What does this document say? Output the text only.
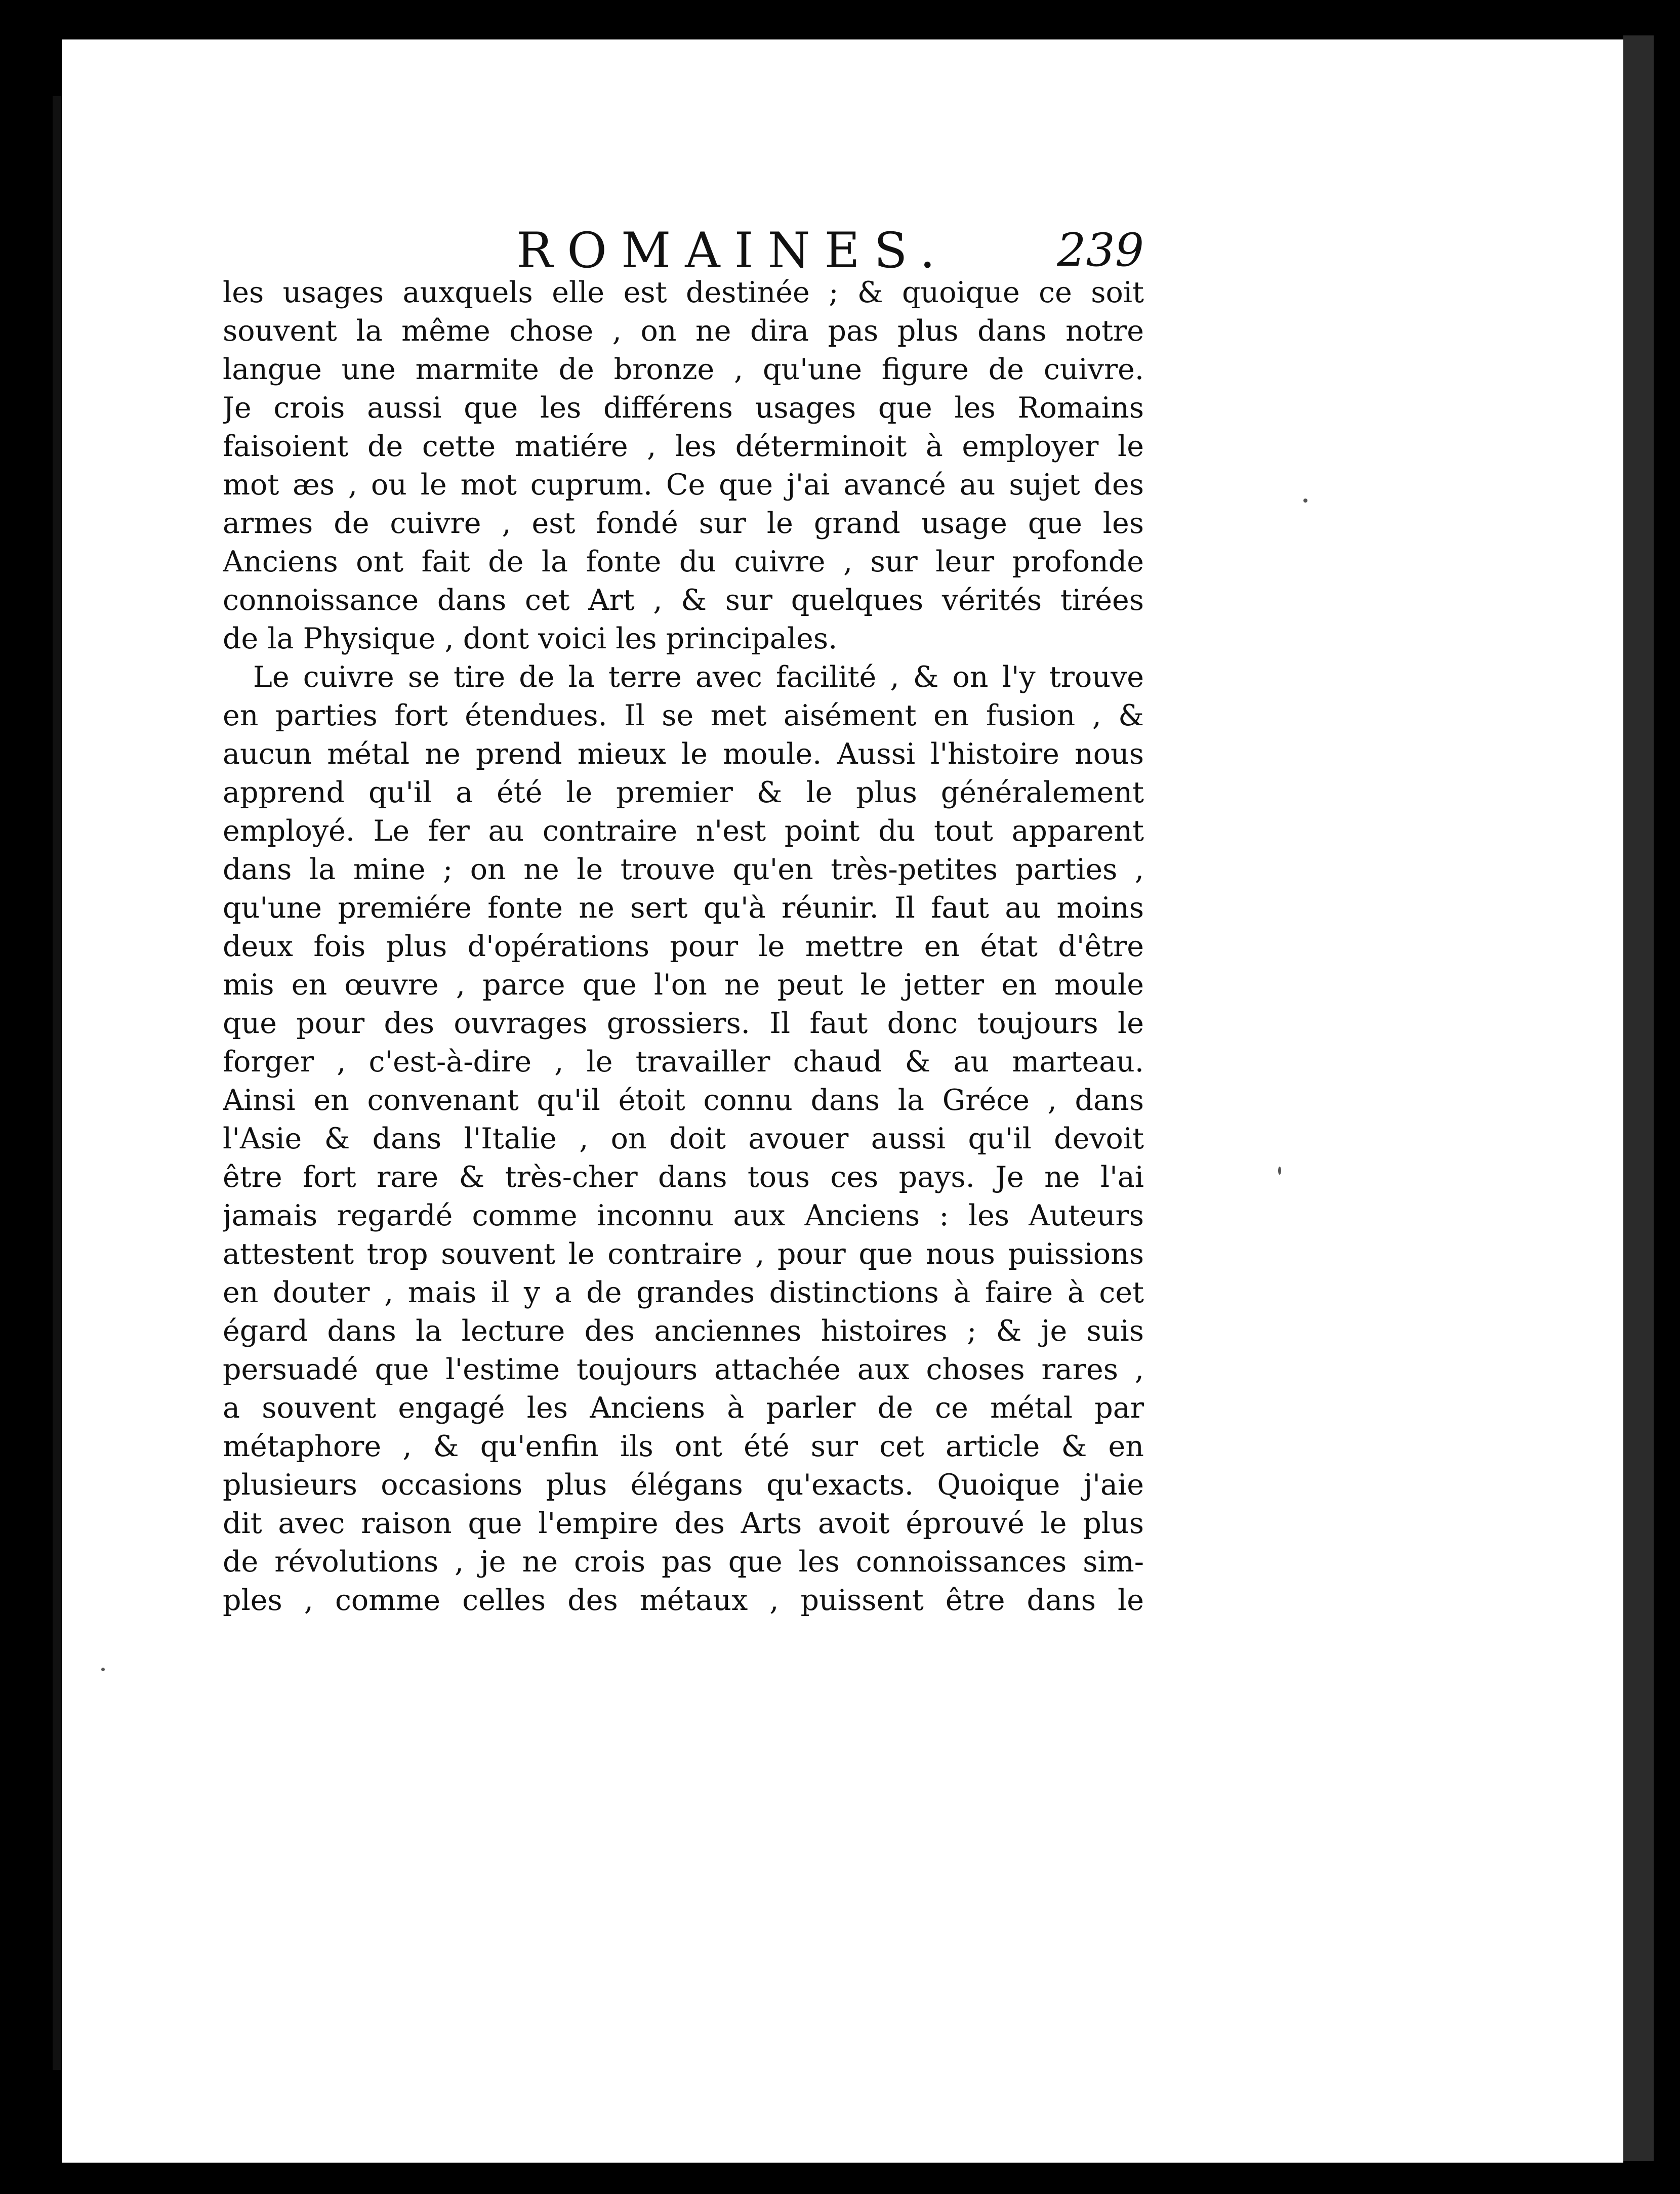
ROMAINES. 239
les usages auxquels elle est destinée ; & quoique ce soit
souvent la même chose , on ne dira pas plus dans notre
langue une marmite de bronze , qu'une figure de cuivre.
Je crois aussi que les différens usages que les Romains
faisoient de cette matiére , les déterminoit à employer le
mot æs , ou le mot cuprum. Ce que j'ai avancé au sujet des
armes de cuivre , est fondé sur le grand usage que les
Anciens ont fait de la fonte du cuivre , sur leur profonde
connoissance dans cet Art , & sur quelques vérités tirées
de la Physique , dont voici les principales.
Le cuivre se tire de la terre avec facilité , & on l'y trouve
en parties fort étendues. Il se met aisément en fusion , &
aucun métal ne prend mieux le moule. Aussi l'histoire nous
apprend qu'il a été le premier & le plus généralement
employé. Le fer au contraire n'est point du tout apparent
dans la mine ; on ne le trouve qu'en très-petites parties ,
qu'une premiére fonte ne sert qu'à réunir. Il faut au moins
deux fois plus d'opérations pour le mettre en état d'être
mis en œuvre , parce que l'on ne peut le jetter en moule
que pour des ouvrages grossiers. Il faut donc toujours le
forger , c'est-à-dire , le travailler chaud & au marteau.
Ainsi en convenant qu'il étoit connu dans la Gréce , dans
l'Asie & dans l'Italie , on doit avouer aussi qu'il devoit
être fort rare & très-cher dans tous ces pays. Je ne l'ai
jamais regardé comme inconnu aux Anciens : les Auteurs
attestent trop souvent le contraire , pour que nous puissions
en douter , mais il y a de grandes distinctions à faire à cet
égard dans la lecture des anciennes histoires ; & je suis
persuadé que l'estime toujours attachée aux choses rares ,
a souvent engagé les Anciens à parler de ce métal par
métaphore , & qu'enfin ils ont été sur cet article & en
plusieurs occasions plus élégans qu'exacts. Quoique j'aie
dit avec raison que l'empire des Arts avoit éprouvé le plus
de révolutions , je ne crois pas que les connoissances sim-
ples , comme celles des métaux , puissent être dans le
